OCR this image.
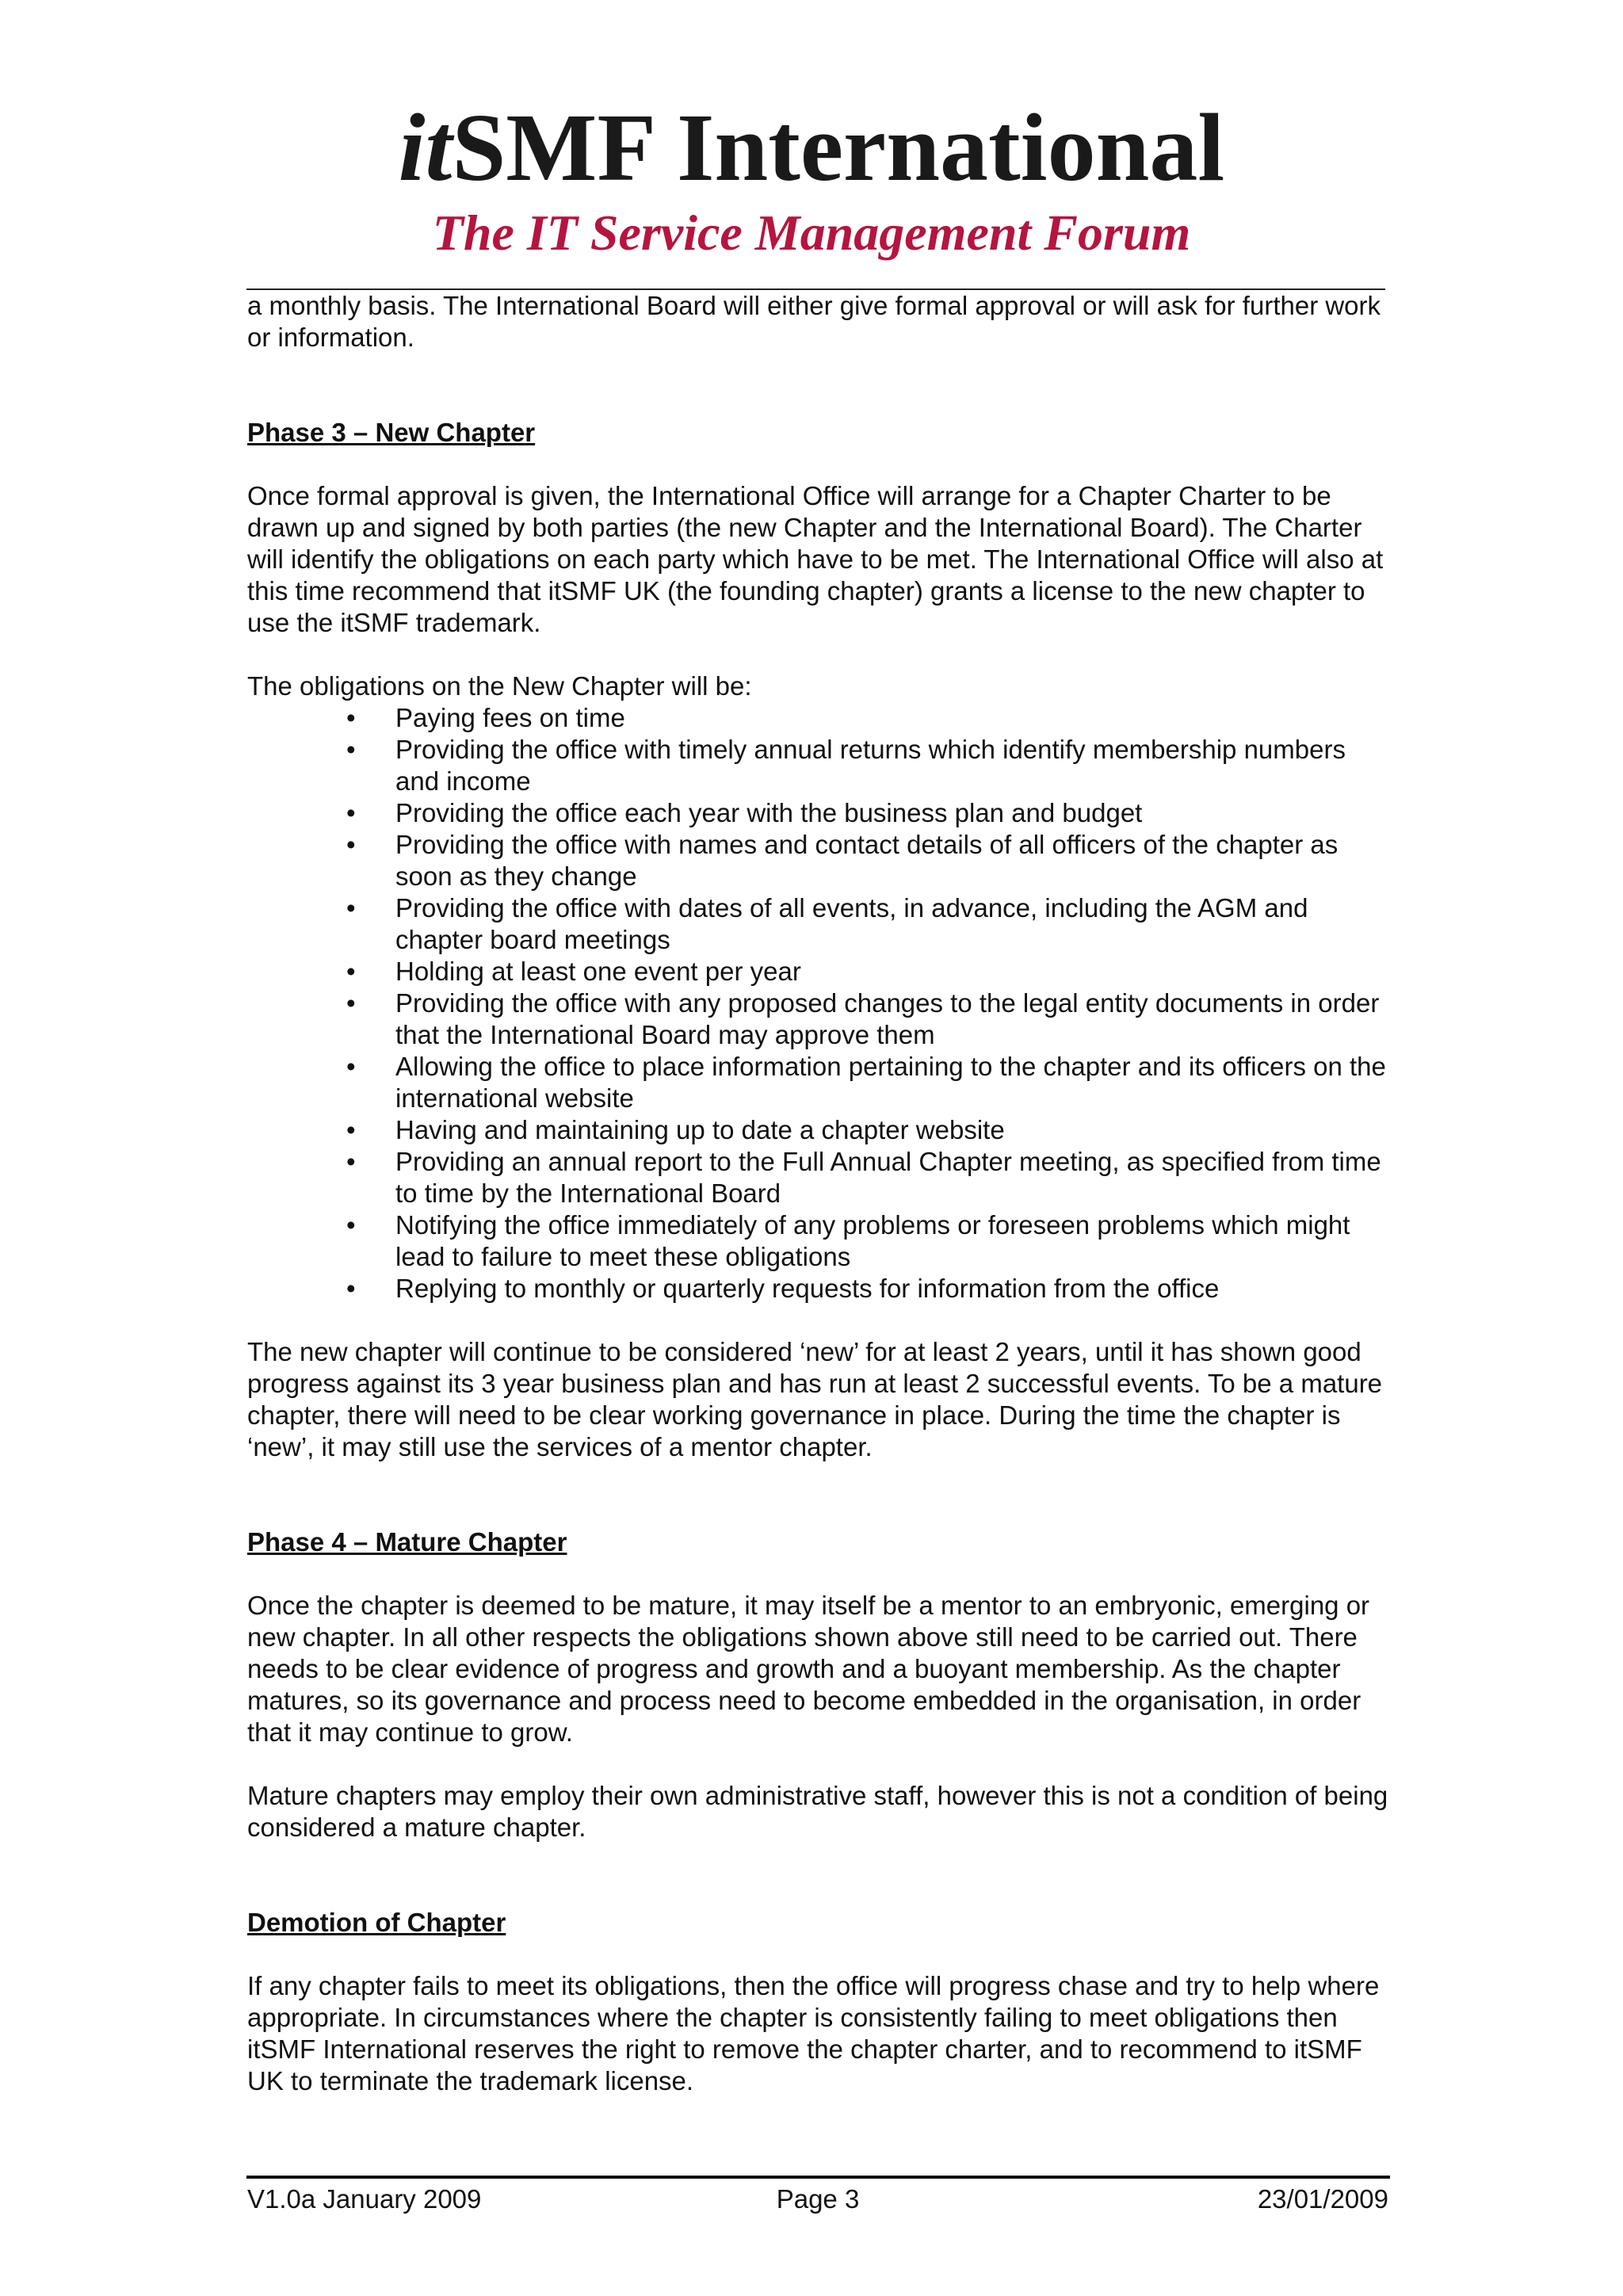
itSMF International
The IT Service Management Forum

a monthly basis. The International Board will either give formal approval or will ask for further work or information.

Phase 3 – New Chapter

Once formal approval is given, the International Office will arrange for a Chapter Charter to be drawn up and signed by both parties (the new Chapter and the International Board). The Charter will identify the obligations on each party which have to be met. The International Office will also at this time recommend that itSMF UK (the founding chapter) grants a license to the new chapter to use the itSMF trademark.

The obligations on the New Chapter will be:

• Paying fees on time
• Providing the office with timely annual returns which identify membership numbers and income
• Providing the office each year with the business plan and budget
• Providing the office with names and contact details of all officers of the chapter as soon as they change
• Providing the office with dates of all events, in advance, including the AGM and chapter board meetings
• Holding at least one event per year
• Providing the office with any proposed changes to the legal entity documents in order that the International Board may approve them
• Allowing the office to place information pertaining to the chapter and its officers on the international website
• Having and maintaining up to date a chapter website
• Providing an annual report to the Full Annual Chapter meeting, as specified from time to time by the International Board
• Notifying the office immediately of any problems or foreseen problems which might lead to failure to meet these obligations
• Replying to monthly or quarterly requests for information from the office

The new chapter will continue to be considered ‘new’ for at least 2 years, until it has shown good progress against its 3 year business plan and has run at least 2 successful events. To be a mature chapter, there will need to be clear working governance in place. During the time the chapter is ‘new’, it may still use the services of a mentor chapter.

Phase 4 – Mature Chapter

Once the chapter is deemed to be mature, it may itself be a mentor to an embryonic, emerging or new chapter. In all other respects the obligations shown above still need to be carried out. There needs to be clear evidence of progress and growth and a buoyant membership. As the chapter matures, so its governance and process need to become embedded in the organisation, in order that it may continue to grow.

Mature chapters may employ their own administrative staff, however this is not a condition of being considered a mature chapter.

Demotion of Chapter

If any chapter fails to meet its obligations, then the office will progress chase and try to help where appropriate. In circumstances where the chapter is consistently failing to meet obligations then itSMF International reserves the right to remove the chapter charter, and to recommend to itSMF UK to terminate the trademark license.

V1.0a January 2009	Page 3	23/01/2009
